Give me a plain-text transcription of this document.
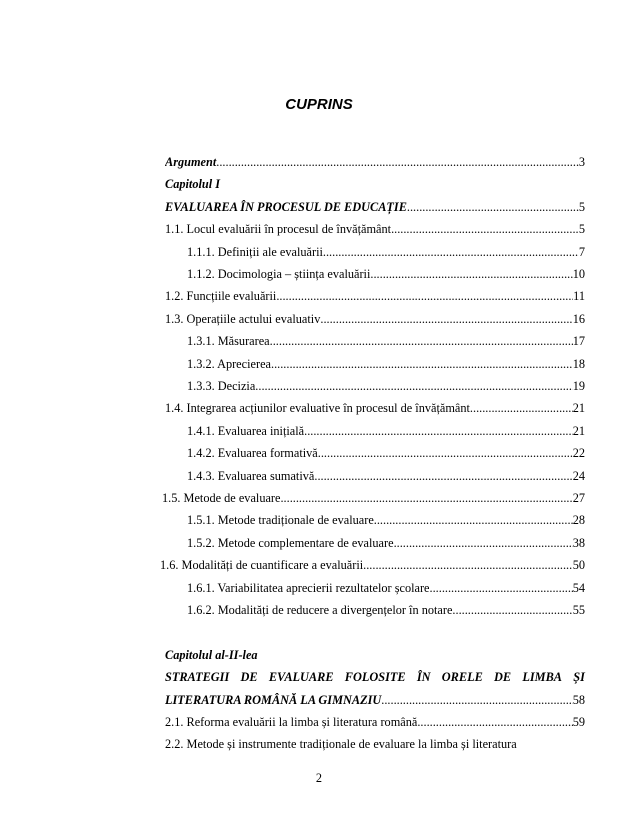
CUPRINS
Argument .....	3
Capitolul I
EVALUAREA ÎN PROCESUL DE EDUCAȚIE .....	5
1.1. Locul evaluării în procesul de învățământ .....	5
1.1.1. Definiții ale evaluării .....	7
1.1.2. Docimologia – știința evaluării .....	10
1.2. Funcțiile evaluării .....	11
1.3. Operațiile actului evaluativ .....	16
1.3.1. Măsurarea .....	17
1.3.2. Aprecierea .....	18
1.3.3. Decizia .....	19
1.4. Integrarea acțiunilor evaluative în procesul de învățământ .....	21
1.4.1. Evaluarea inițială .....	21
1.4.2. Evaluarea formativă .....	22
1.4.3. Evaluarea sumativă .....	24
1.5. Metode de evaluare .....	27
1.5.1. Metode tradiționale de evaluare .....	28
1.5.2. Metode complementare de evaluare .....	38
1.6. Modalități de cuantificare a evaluării .....	50
1.6.1. Variabilitatea aprecierii rezultatelor școlare .....	54
1.6.2. Modalități de reducere a divergențelor în notare .....	55
Capitolul al-II-lea
STRATEGII DE EVALUARE FOLOSITE ÎN ORELE DE LIMBA ȘI
LITERATURA ROMÂNĂ LA GIMNAZIU .....	58
2.1. Reforma evaluării la limba și literatura română .....	59
2.2. Metode și instrumente tradiționale de evaluare la limba și literatura
2
